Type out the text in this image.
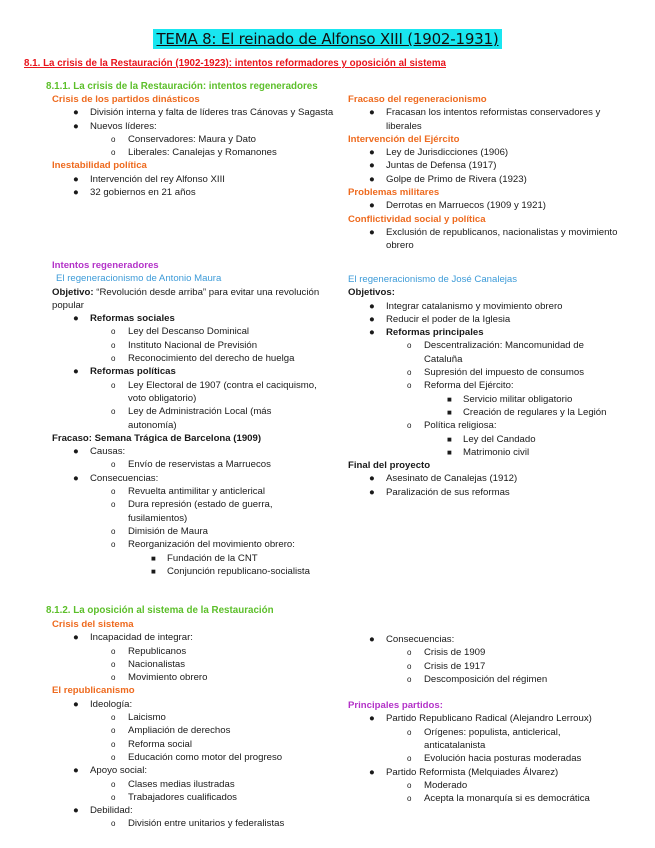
TEMA 8: El reinado de Alfonso XIII (1902-1931)
8.1. La crisis de la Restauración (1902-1923): intentos reformadores y oposición al sistema
8.1.1. La crisis de la Restauración: intentos regeneradores
Crisis de los partidos dinásticos
● División interna y falta de líderes tras Cánovas y Sagasta
● Nuevos líderes:
o Conservadores: Maura y Dato
o Liberales: Canalejas y Romanones
Inestabilidad política
● Intervención del rey Alfonso XIII
● 32 gobiernos en 21 años
Fracaso del regeneracionismo
● Fracasan los intentos reformistas conservadores y liberales
Intervención del Ejército
● Ley de Jurisdicciones (1906)
● Juntas de Defensa (1917)
● Golpe de Primo de Rivera (1923)
Problemas militares
● Derrotas en Marruecos (1909 y 1921)
Conflictividad social y política
● Exclusión de republicanos, nacionalistas y movimiento obrero
Intentos regeneradores
El regeneracionismo de Antonio Maura
Objetivo: “Revolución desde arriba” para evitar una revolución popular
● Reformas sociales
o Ley del Descanso Dominical
o Instituto Nacional de Previsión
o Reconocimiento del derecho de huelga
● Reformas políticas
o Ley Electoral de 1907 (contra el caciquismo, voto obligatorio)
o Ley de Administración Local (más autonomía)
Fracaso: Semana Trágica de Barcelona (1909)
● Causas:
o Envío de reservistas a Marruecos
● Consecuencias:
o Revuelta antimilitar y anticlerical
o Dura represión (estado de guerra, fusilamientos)
o Dimisión de Maura
o Reorganización del movimiento obrero:
■ Fundación de la CNT
■ Conjunción republicano-socialista
El regeneracionismo de José Canalejas
Objetivos:
● Integrar catalanismo y movimiento obrero
● Reducir el poder de la Iglesia
● Reformas principales
o Descentralización: Mancomunidad de Cataluña
o Supresión del impuesto de consumos
o Reforma del Ejército:
■ Servicio militar obligatorio
■ Creación de regulares y la Legión
o Política religiosa:
■ Ley del Candado
■ Matrimonio civil
Final del proyecto
● Asesinato de Canalejas (1912)
● Paralización de sus reformas
8.1.2. La oposición al sistema de la Restauración
Crisis del sistema
● Incapacidad de integrar:
o Republicanos
o Nacionalistas
o Movimiento obrero
El republicanismo
● Ideología:
o Laicismo
o Ampliación de derechos
o Reforma social
o Educación como motor del progreso
● Apoyo social:
o Clases medias ilustradas
o Trabajadores cualificados
● Debilidad:
o División entre unitarios y federalistas
● Consecuencias:
o Crisis de 1909
o Crisis de 1917
o Descomposición del régimen
Principales partidos:
● Partido Republicano Radical (Alejandro Lerroux)
o Orígenes: populista, anticlerical, anticatalanista
o Evolución hacia posturas moderadas
● Partido Reformista (Melquiades Álvarez)
o Moderado
o Acepta la monarquía si es democrática
